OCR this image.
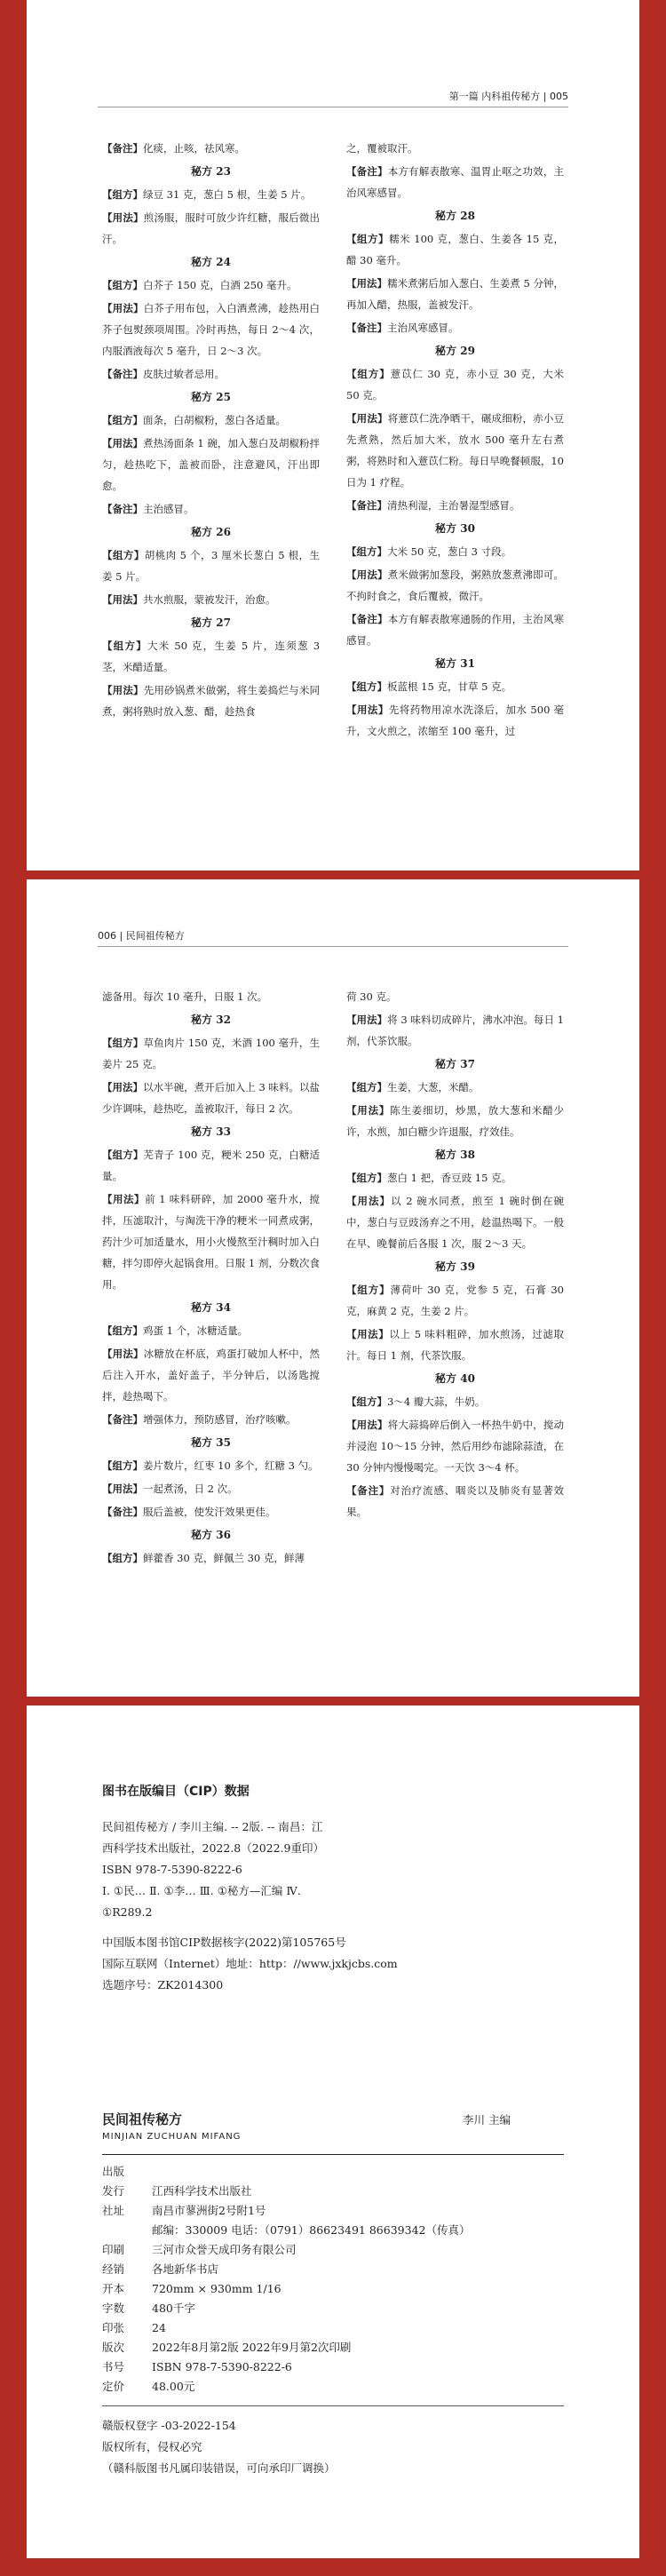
第一篇 内科祖传秘方 | 005
【备注】化痰，止咳，祛风寒。
秘方 23
【组方】绿豆 31 克，葱白 5 根，生姜 5 片。
【用法】煎汤服，服时可放少许红糖，服后微出汗。
秘方 24
【组方】白芥子 150 克，白酒 250 毫升。
【用法】白芥子用布包，入白酒煮沸，趁热用白芥子包熨颈项周围。冷时再热，每日 2～4 次，内服酒液每次 5 毫升，日 2～3 次。
【备注】皮肤过敏者忌用。
秘方 25
【组方】面条，白胡椒粉，葱白各适量。
【用法】煮热汤面条 1 碗，加入葱白及胡椒粉拌匀，趁热吃下，盖被而卧，注意避风，汗出即愈。
【备注】主治感冒。
秘方 26
【组方】胡桃肉 5 个，3 厘米长葱白 5 根，生姜 5 片。
【用法】共水煎服，蒙被发汗，治愈。
秘方 27
【组方】大米 50 克，生姜 5 片，连须葱 3 茎，米醋适量。
【用法】先用砂锅煮米做粥，将生姜捣烂与米同煮，粥将熟时放入葱、醋，趁热食
之，覆被取汗。
【备注】本方有解表散寒、温胃止呕之功效，主治风寒感冒。
秘方 28
【组方】糯米 100 克，葱白、生姜各 15 克，醋 30 毫升。
【用法】糯米煮粥后加入葱白、生姜煮 5 分钟，再加入醋，热服，盖被发汗。
【备注】主治风寒感冒。
秘方 29
【组方】薏苡仁 30 克，赤小豆 30 克，大米 50 克。
【用法】将薏苡仁洗净晒干，碾成细粉，赤小豆先煮熟，然后加大米，放水 500 毫升左右煮粥，将熟时和入薏苡仁粉。每日早晚餐顿服，10 日为 1 疗程。
【备注】清热利湿，主治暑湿型感冒。
秘方 30
【组方】大米 50 克，葱白 3 寸段。
【用法】煮米做粥加葱段，粥熟放葱煮沸即可。不拘时食之，食后覆被，微汗。
【备注】本方有解表散寒通肠的作用，主治风寒感冒。
秘方 31
【组方】板蓝根 15 克，甘草 5 克。
【用法】先将药物用凉水洗涤后，加水 500 毫升，文火煎之，浓缩至 100 毫升，过
006 | 民间祖传秘方
滤备用。每次 10 毫升，日服 1 次。
秘方 32
【组方】草鱼肉片 150 克，米酒 100 毫升，生姜片 25 克。
【用法】以水半碗，煮开后加入上 3 味料。以盐少许调味，趁热吃，盖被取汗，每日 2 次。
秘方 33
【组方】芜青子 100 克，粳米 250 克，白糖适量。
【用法】前 1 味料研碎，加 2000 毫升水，搅拌，压滤取汁，与淘洗干净的粳米一同煮成粥，药汁少可加适量水，用小火慢熬至汁稠时加入白糖，拌匀即停火起锅食用。日服 1 剂，分数次食用。
秘方 34
【组方】鸡蛋 1 个，冰糖适量。
【用法】冰糖放在杯底，鸡蛋打破加人杯中，然后注入开水，盖好盖子，半分钟后，以汤匙搅拌，趁热喝下。
【备注】增强体力，预防感冒，治疗咳嗽。
秘方 35
【组方】姜片数片，红枣 10 多个，红糖 3 勺。
【用法】一起煮汤，日 2 次。
【备注】服后盖被，使发汗效果更佳。
秘方 36
【组方】鲜藿香 30 克，鲜佩兰 30 克，鲜薄
荷 30 克。
【用法】将 3 味料切成碎片，沸水冲泡。每日 1 剂，代茶饮服。
秘方 37
【组方】生姜，大葱，米醋。
【用法】陈生姜细切，炒黑，放大葱和米醋少许，水煎，加白糖少许退服，疗效佳。
秘方 38
【组方】葱白 1 把，香豆豉 15 克。
【用法】以 2 碗水同煮，煎至 1 碗时倒在碗中，葱白与豆豉汤弃之不用，趁温热喝下。一般在早、晚餐前后各服 1 次，服 2～3 天。
秘方 39
【组方】薄荷叶 30 克，党参 5 克，石膏 30 克，麻黄 2 克，生姜 2 片。
【用法】以上 5 味料粗碎，加水煎汤，过滤取汁。每日 1 剂，代茶饮服。
秘方 40
【组方】3～4 瓣大蒜，牛奶。
【用法】将大蒜捣碎后倒入一杯热牛奶中，搅动并浸泡 10～15 分钟，然后用纱布滤除蒜渣，在 30 分钟内慢慢喝完。一天饮 3～4 杯。
【备注】对治疗流感、咽炎以及肺炎有显著效果。
图书在版编目（CIP）数据

民间祖传秘方 / 李川主编. -- 2版. -- 南昌：江

西科学技术出版社，2022.8（2022.9重印）

ISBN 978-7-5390-8222-6

Ⅰ. ①民… Ⅱ. ①李… Ⅲ. ①秘方—汇编 Ⅳ.

①R289.2

中国版本图书馆CIP数据核字(2022)第105765号

国际互联网（Internet）地址：http：//www.jxkjcbs.com

选题序号：ZK2014300

民间祖传秘方	李川 主编
MINJIAN ZUCHUAN MIFANG
出版
发行	江西科学技术出版社
社址	南昌市蓼洲街2号附1号
邮编：330009 电话：（0791）86623491 86639342（传真）
印刷	三河市众誉天成印务有限公司
经销	各地新华书店
开本	720mm × 930mm 1/16
字数	480千字
印张	24
版次	2022年8月第2版 2022年9月第2次印刷
书号	ISBN 978-7-5390-8222-6
定价	48.00元

赣版权登字 -03-2022-154

版权所有，侵权必究

（赣科版图书凡属印装错误，可向承印厂调换）
